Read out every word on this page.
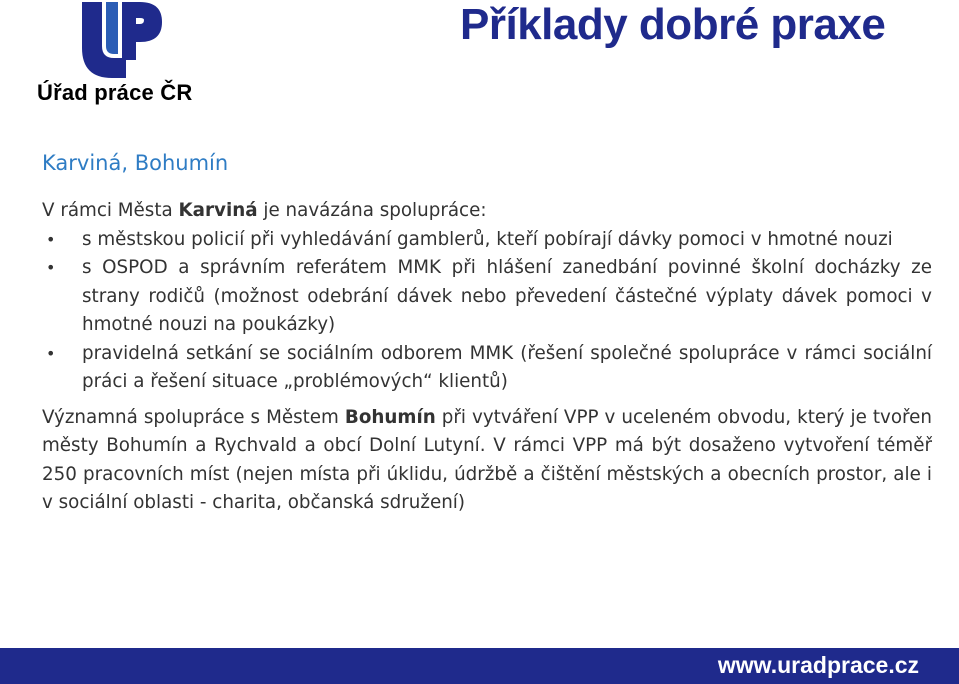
Úřad práce ČR
Příklady dobré praxe
Karviná, Bohumín
V rámci Města Karviná je navázána spolupráce:
• s městskou policií při vyhledávání gamblerů, kteří pobírají dávky pomoci v hmotné nouzi
• s OSPOD a správním referátem MMK při hlášení zanedbání povinné školní docházky ze strany rodičů (možnost odebrání dávek nebo převedení částečné výplaty dávek pomoci v hmotné nouzi na poukázky)
• pravidelná setkání se sociálním odborem MMK (řešení společné spolupráce v rámci sociální práci a řešení situace „problémových“ klientů)
Významná spolupráce s Městem Bohumín při vytváření VPP v uceleném obvodu, který je tvořen městy Bohumín a Rychvald a obcí Dolní Lutyní. V rámci VPP má být dosaženo vytvoření téměř 250 pracovních míst (nejen místa při úklidu, údržbě a čištění městských a obecních prostor, ale i v sociální oblasti - charita, občanská sdružení)
www.uradprace.cz
